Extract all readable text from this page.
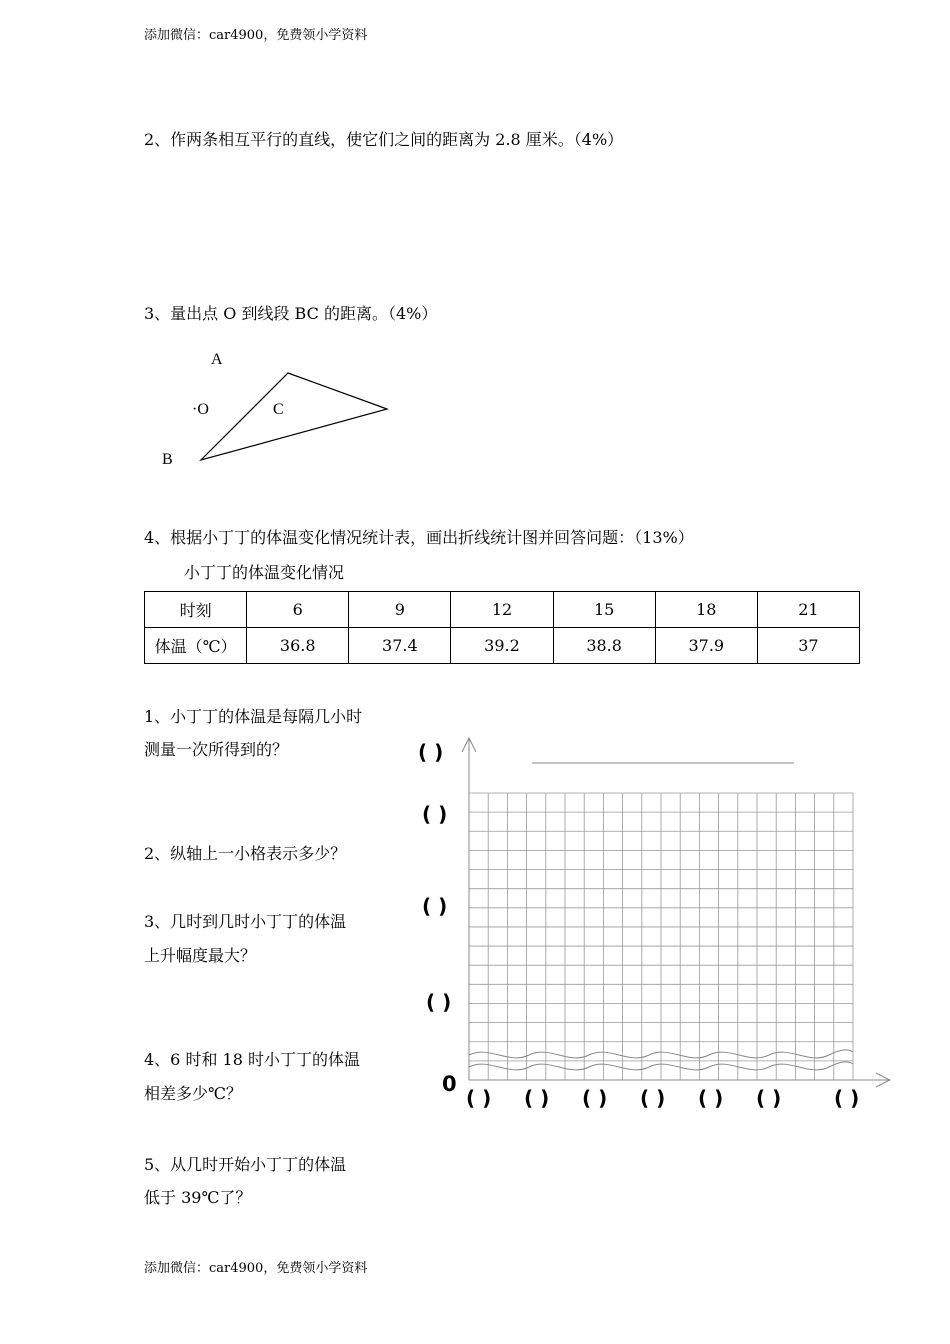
添加微信：car4900，免费领小学资料
添加微信：car4900，免费领小学资料
2、作两条相互平行的直线，使它们之间的距离为 2.8 厘米。（4%）
3、量出点 O 到线段 BC 的距离。（4%）
A
·O	C
B
4、根据小丁丁的体温变化情况统计表，画出折线统计图并回答问题：（13%）
小丁丁的体温变化情况
时刻	6	9	12	15	18	21
体温（℃）	36.8	37.4	39.2	38.8	37.9	37
1、小丁丁的体温是每隔几小时
测量一次所得到的？
2、纵轴上一小格表示多少？
3、几时到几时小丁丁的体温
上升幅度最大？
4、6 时和 18 时小丁丁的体温
相差多少℃？
5、从几时开始小丁丁的体温
低于 39℃了？
( )
( )
( )
( )
0
( ) ( ) ( ) ( ) ( ) ( )	( )
